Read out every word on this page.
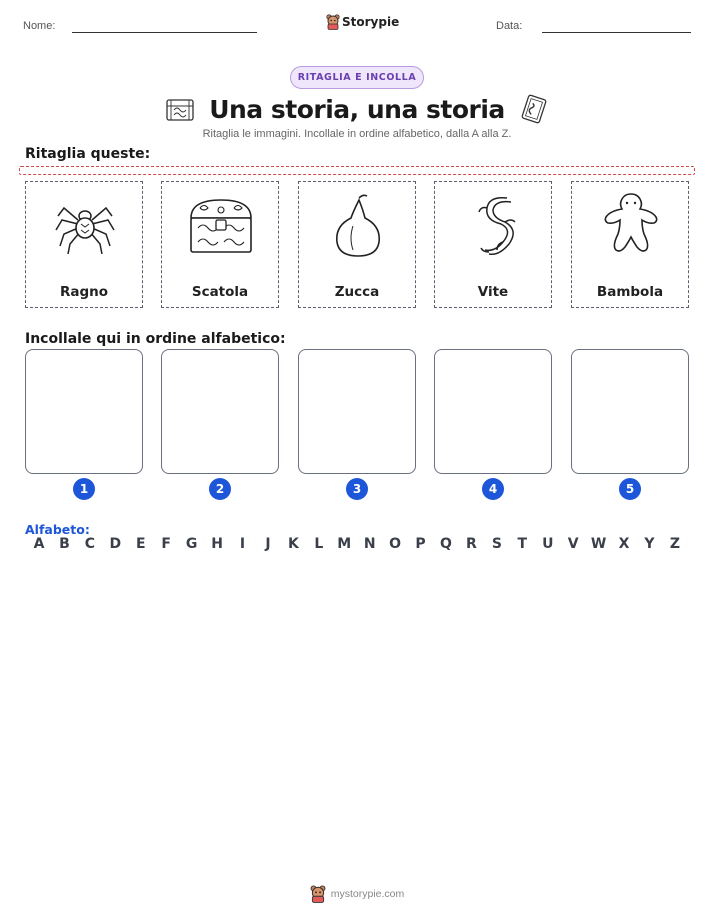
Nome:	Storypie	Data:
RITAGLIA E INCOLLA
Una storia, una storia
Ritaglia le immagini. Incollale in ordine alfabetico, dalla A alla Z.
Ritaglia queste:
Ragno	Scatola	Zucca	Vite	Bambola
Incollale qui in ordine alfabetico:
1	2	3	4	5
Alfabeto:
A B C D E F G H	I	J	K L M N O P Q R S T U V W X Y Z
mystorypie.com
